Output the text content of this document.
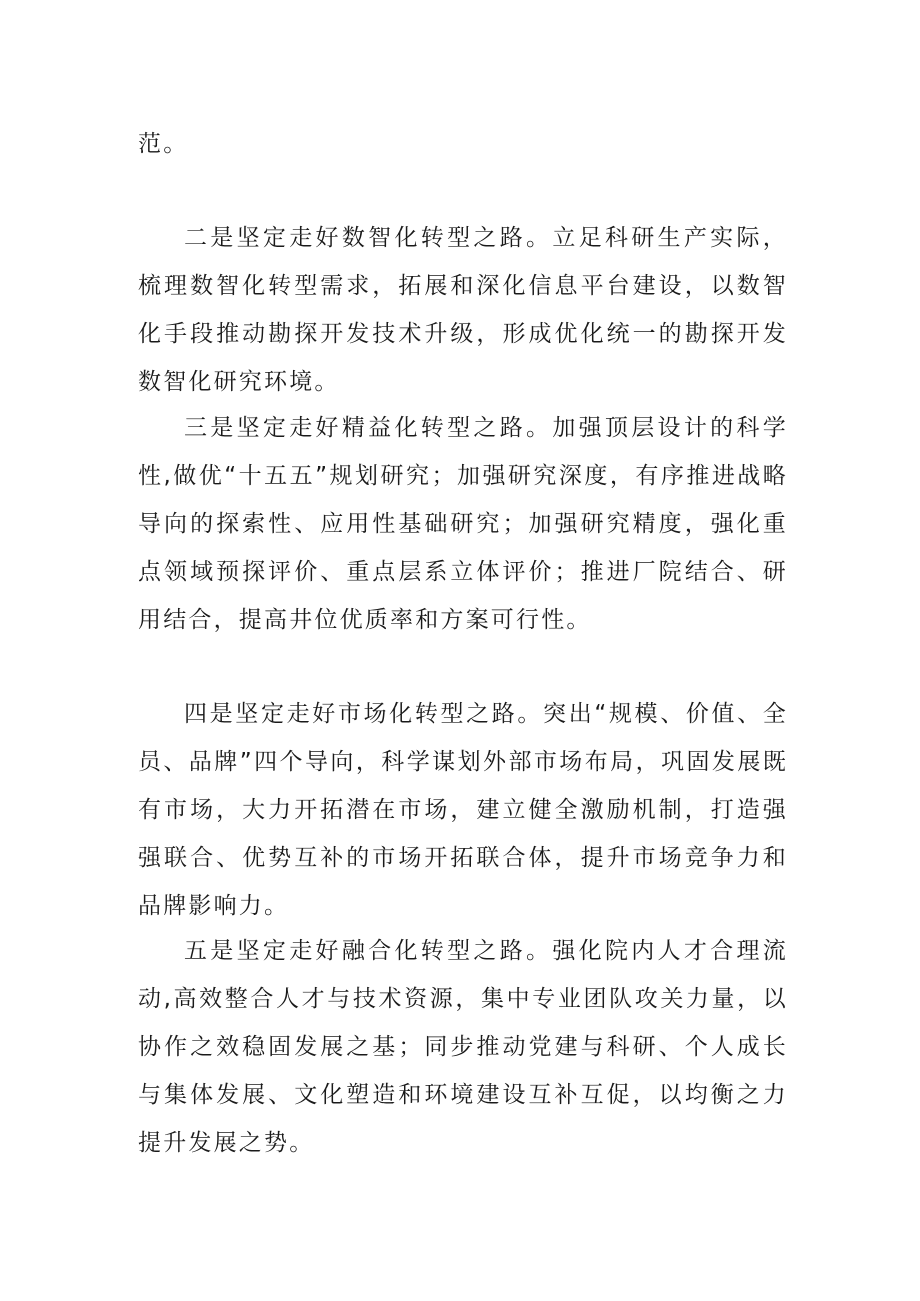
范。

二是坚定走好数智化转型之路。立足科研生产实际，梳理数智化转型需求，拓展和深化信息平台建设，以数智化手段推动勘探开发技术升级，形成优化统一的勘探开发数智化研究环境。

三是坚定走好精益化转型之路。加强顶层设计的科学性,做优“十五五”规划研究；加强研究深度，有序推进战略导向的探索性、应用性基础研究；加强研究精度，强化重点领域预探评价、重点层系立体评价；推进厂院结合、研用结合，提高井位优质率和方案可行性。

四是坚定走好市场化转型之路。突出“规模、价值、全员、品牌”四个导向，科学谋划外部市场布局，巩固发展既有市场，大力开拓潜在市场，建立健全激励机制，打造强强联合、优势互补的市场开拓联合体，提升市场竞争力和品牌影响力。

五是坚定走好融合化转型之路。强化院内人才合理流动,高效整合人才与技术资源，集中专业团队攻关力量，以协作之效稳固发展之基；同步推动党建与科研、个人成长与集体发展、文化塑造和环境建设互补互促，以均衡之力提升发展之势。
